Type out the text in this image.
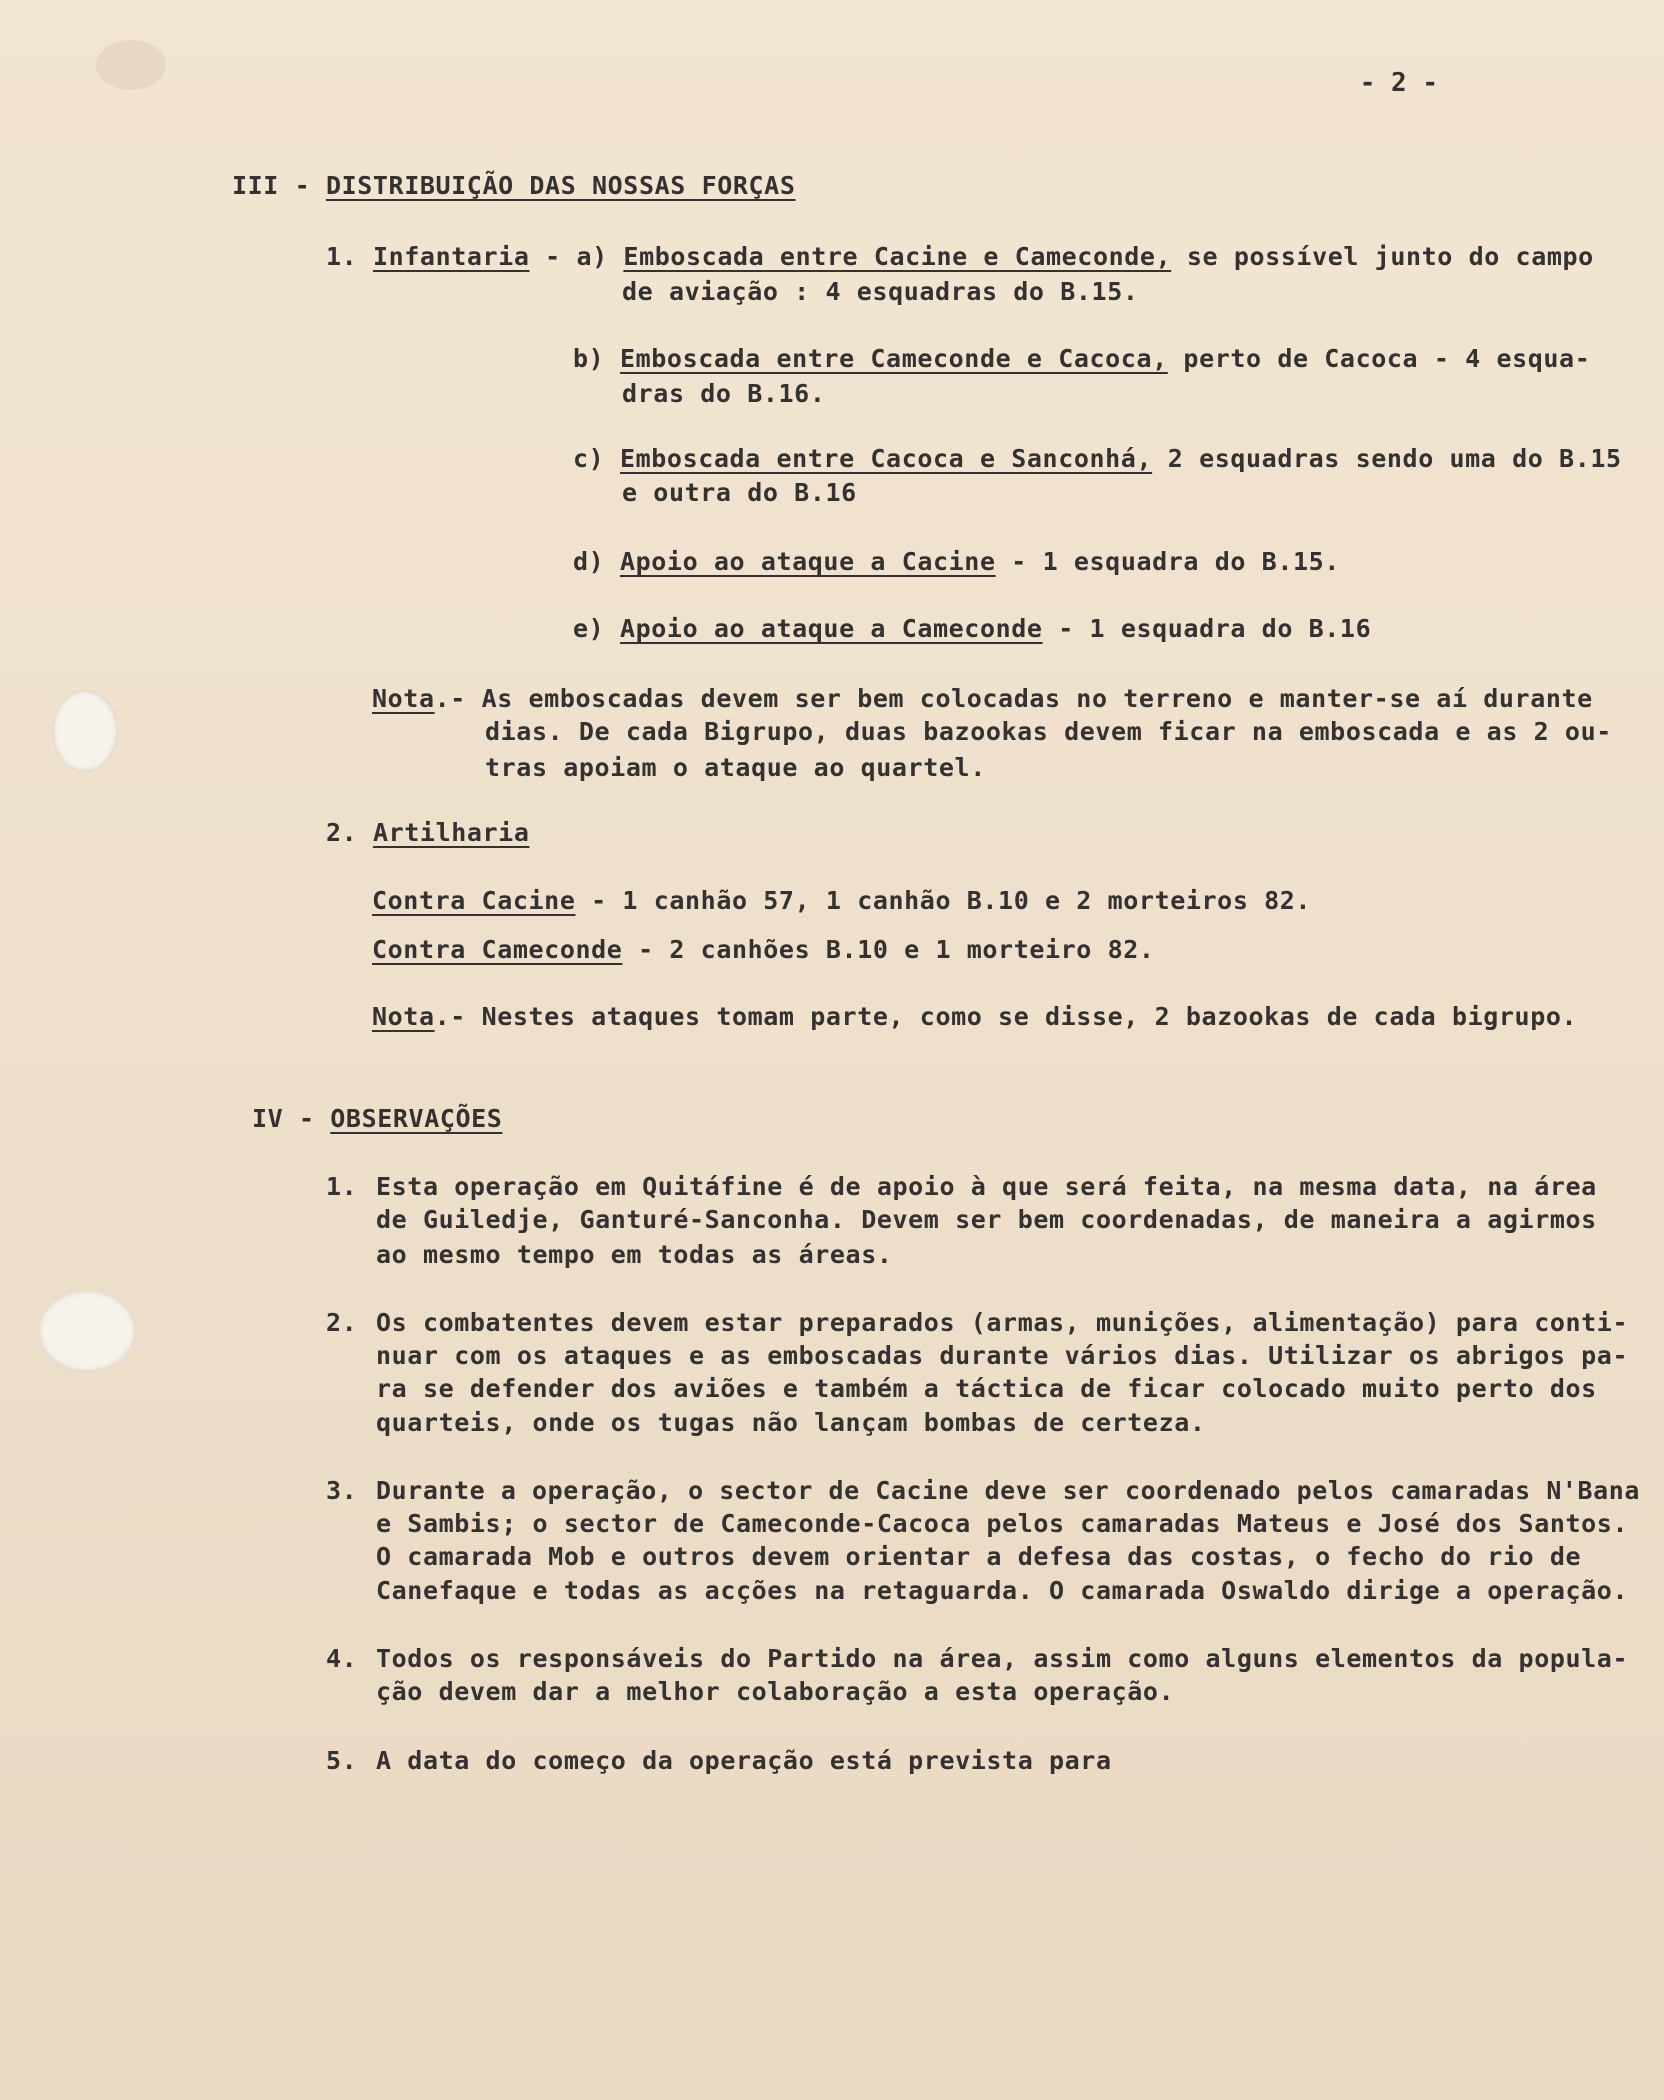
- 2 -
III - DISTRIBUIÇÃO DAS NOSSAS FORÇAS
1. Infantaria - a) Emboscada entre Cacine e Cameconde, se possível junto do campo
de aviação : 4 esquadras do B.15.
b) Emboscada entre Cameconde e Cacoca, perto de Cacoca - 4 esqua-
dras do B.16.
c) Emboscada entre Cacoca e Sanconhá, 2 esquadras sendo uma do B.15
e outra do B.16
d) Apoio ao ataque a Cacine - 1 esquadra do B.15.
e) Apoio ao ataque a Cameconde - 1 esquadra do B.16
Nota.- As emboscadas devem ser bem colocadas no terreno e manter-se aí durante
dias. De cada Bigrupo, duas bazookas devem ficar na emboscada e as 2 ou-
tras apoiam o ataque ao quartel.
2. Artilharia
Contra Cacine - 1 canhão 57, 1 canhão B.10 e 2 morteiros 82.
Contra Cameconde - 2 canhões B.10 e 1 morteiro 82.
Nota.- Nestes ataques tomam parte, como se disse, 2 bazookas de cada bigrupo.
IV - OBSERVAÇÕES
1. Esta operação em Quitáfine é de apoio à que será feita, na mesma data, na área
de Guiledje, Ganturé-Sanconha. Devem ser bem coordenadas, de maneira a agirmos
ao mesmo tempo em todas as áreas.
2. Os combatentes devem estar preparados (armas, munições, alimentação) para conti-
nuar com os ataques e as emboscadas durante vários dias. Utilizar os abrigos pa-
ra se defender dos aviões e também a táctica de ficar colocado muito perto dos
quarteis, onde os tugas não lançam bombas de certeza.
3. Durante a operação, o sector de Cacine deve ser coordenado pelos camaradas N'Bana
e Sambis; o sector de Cameconde-Cacoca pelos camaradas Mateus e José dos Santos.
O camarada Mob e outros devem orientar a defesa das costas, o fecho do rio de
Canefaque e todas as acções na retaguarda. O camarada Oswaldo dirige a operação.
4. Todos os responsáveis do Partido na área, assim como alguns elementos da popula-
ção devem dar a melhor colaboração a esta operação.
5. A data do começo da operação está prevista para
